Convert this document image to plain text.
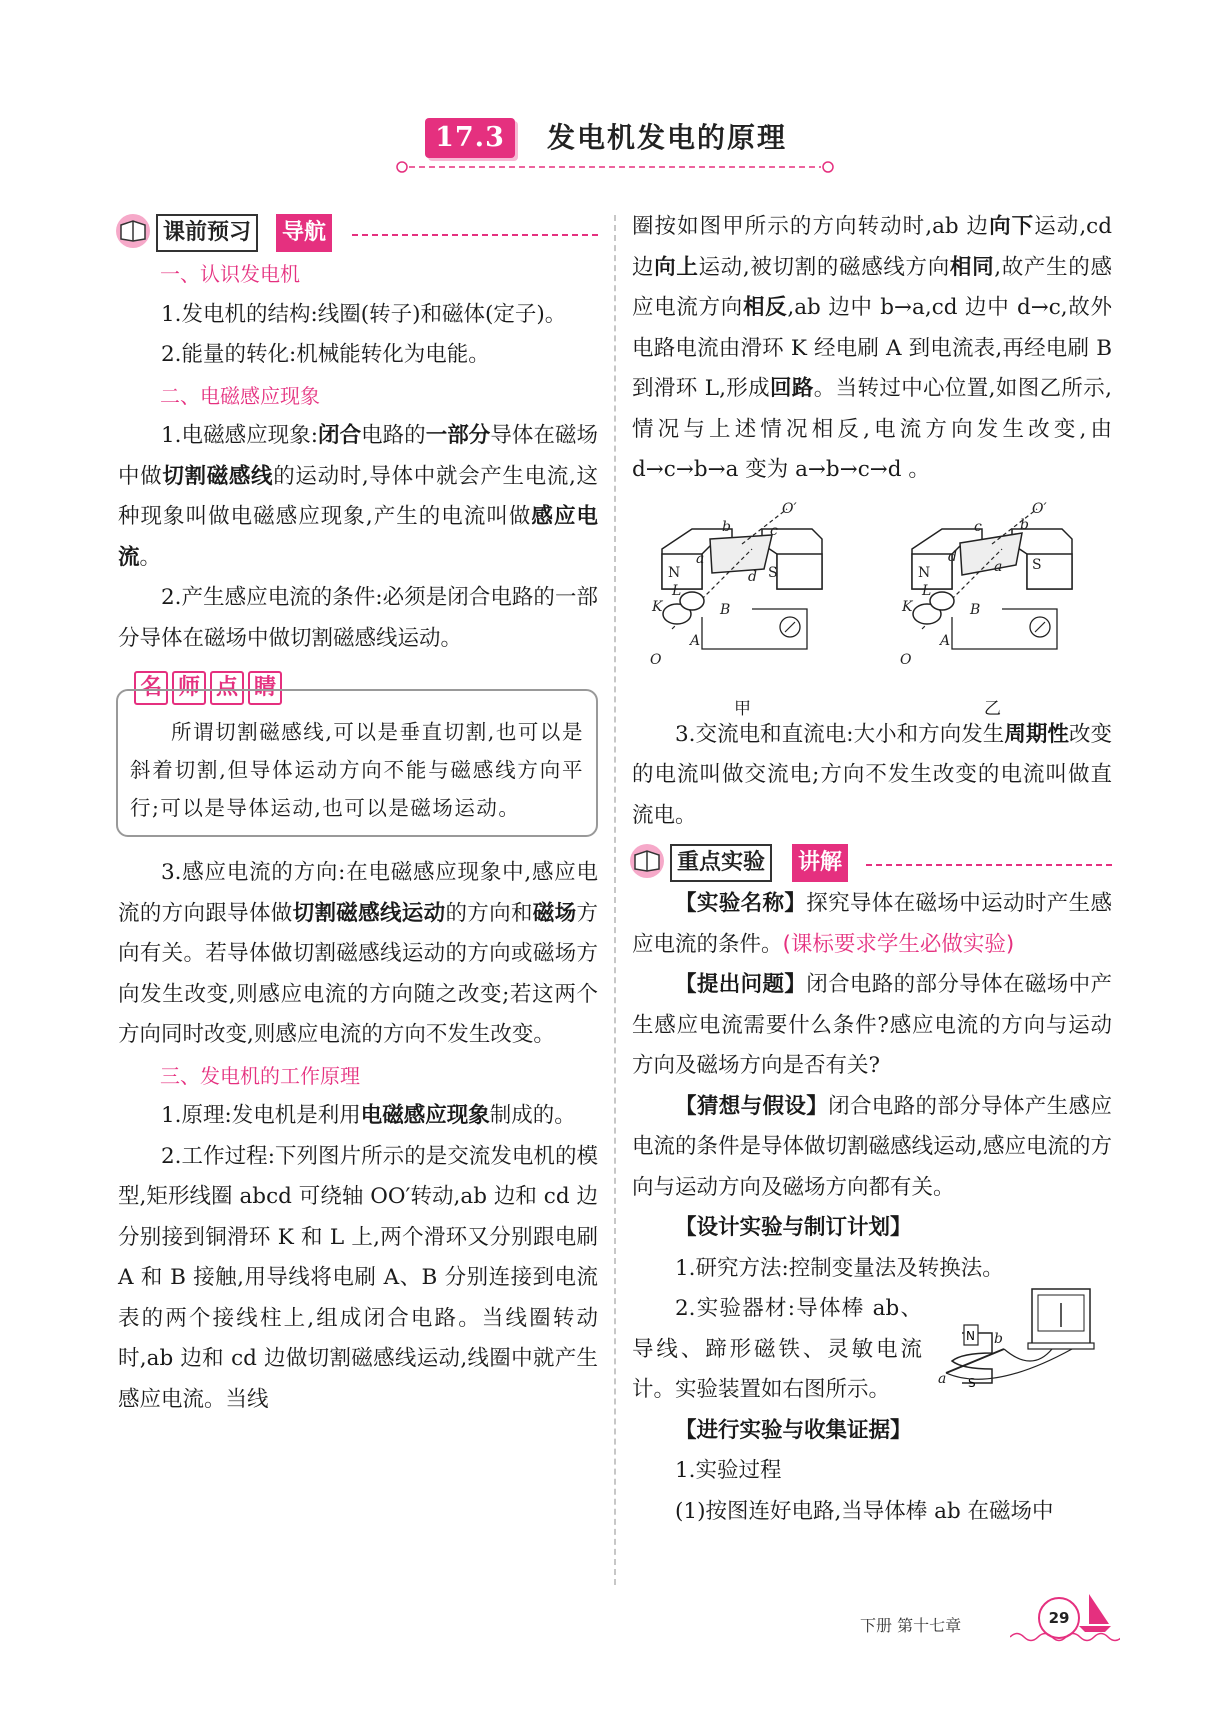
17.3	发电机发电的原理
课前预习	导航

一、认识发电机

1.发电机的结构:线圈(转子)和磁体(定子)。

2.能量的转化:机械能转化为电能。

二、电磁感应现象

1.电磁感应现象:闭合电路的一部分导体在磁场中做切割磁感线的运动时,导体中就会产生电流,这种现象叫做电磁感应现象,产生的电流叫做感应电流。

2.产生感应电流的条件:必须是闭合电路的一部分导体在磁场中做切割磁感线运动。

名 师 点 睛

所谓切割磁感线,可以是垂直切割,也可以是斜着切割,但导体运动方向不能与磁感线方向平行;可以是导体运动,也可以是磁场运动。

3.感应电流的方向:在电磁感应现象中,感应电流的方向跟导体做切割磁感线运动的方向和磁场方向有关。若导体做切割磁感线运动的方向或磁场方向发生改变,则感应电流的方向随之改变;若这两个方向同时改变,则感应电流的方向不发生改变。

三、发电机的工作原理

1.原理:发电机是利用电磁感应现象制成的。

2.工作过程:下列图片所示的是交流发电机的模型,矩形线圈 abcd 可绕轴 OO′转动,ab 边和 cd 边分别接到铜滑环 K 和 L 上,两个滑环又分别跟电刷 A 和 B 接触,用导线将电刷 A、B 分别连接到电流表的两个接线柱上,组成闭合电路。当线圈转动时,ab 边和 cd 边做切割磁感线运动,线圈中就产生感应电流。当线

圈按如图甲所示的方向转动时,ab 边向下运动,cd 边向上运动,被切割的磁感线方向相同,故产生的感应电流方向相反,ab 边中 b→a,cd 边中 d→c,故外电路电流由滑环 K 经电刷 A 到电流表,再经电刷 B 到滑环 L,形成回路。当转过中心位置,如图乙所示,情况与上述情况相反,电流方向发生改变,由 d→c→b→a 变为 a→b→c→d 。

O′
O
b	c
a
d
N	S
K
L
B
A
甲
O′
O
c	b
d
a
N	S
K
L
B
A
乙

3.交流电和直流电:大小和方向发生周期性改变的电流叫做交流电;方向不发生改变的电流叫做直流电。

重点实验	讲解

【实验名称】探究导体在磁场中运动时产生感应电流的条件。(课标要求学生必做实验)

【提出问题】闭合电路的部分导体在磁场中产生感应电流需要什么条件?感应电流的方向与运动方向及磁场方向是否有关?

【猜想与假设】闭合电路的部分导体产生感应电流的条件是导体做切割磁感线运动,感应电流的方向与运动方向及磁场方向都有关。

【设计实验与制订计划】

1.研究方法:控制变量法及转换法。

2.实验器材:导体棒 ab、导线、蹄形磁铁、灵敏电流计。实验装置如右图所示。

N
S
a
b

【进行实验与收集证据】

1.实验过程

(1)按图连好电路,当导体棒 ab 在磁场中

下册 第十七章	29
